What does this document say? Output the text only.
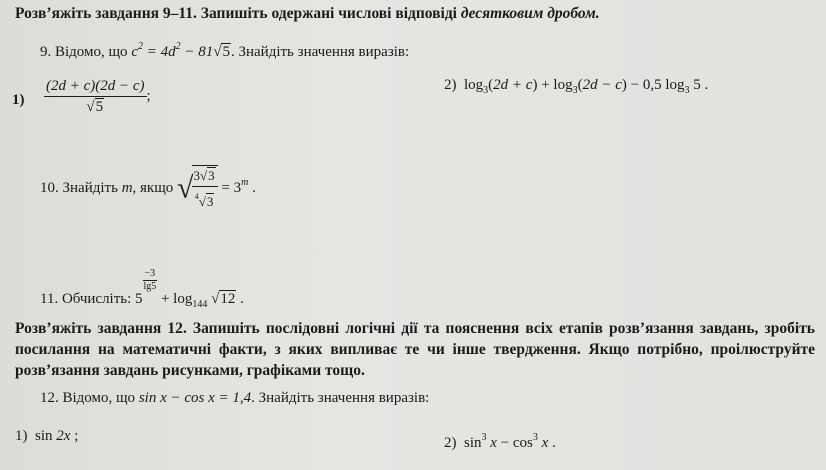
Розв’яжіть завдання 9–11. Запишіть одержані числові відповіді десятковим дробом.
9. Відомо, що $c^2 = 4d^2 - 81√5$. Знайдіть значення виразів:
$1) \frac{(2d + c)(2d - c)}{√5}$ ;
2) $\log_3(2d + c) + \log_3(2d - c) - 0,5$ $\log_3 5$ .
10. Знайдіть m, якщо √
$\frac{3√3}{^4√3} = 3^m$ .
11. Обчисліть: 5
$\frac{-3}{\lg 5}$
+ $\log_{144} √12$ .
Розв’яжіть завдання 12. Запишіть послідовні логічні дії та пояснення всіх етапів розв’язання завдань, зробіть посилання на математичні факти, з яких випливає те чи інше твердження. Якщо потрібно, проілюструйте розв’язання завдань рисунками, графіками тощо.
12. Відомо, що sin x − cos x = 1,4. Знайдіть значення виразів:
1) sin 2x ;	2) $\sin^3 x - \cos^3 x$ .
